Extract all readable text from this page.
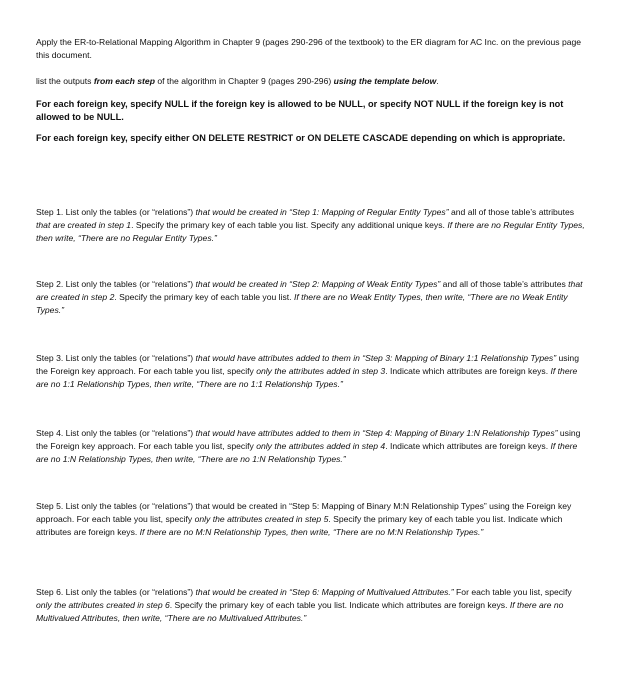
Apply the ER-to-Relational Mapping Algorithm in Chapter 9 (pages 290-296 of the textbook) to the ER diagram for AC Inc. on the previous page this document.

list the outputs from each step of the algorithm in Chapter 9 (pages 290-296) using the template below.

For each foreign key, specify NULL if the foreign key is allowed to be NULL, or specify NOT NULL if the foreign key is not allowed to be NULL.

For each foreign key, specify either ON DELETE RESTRICT or ON DELETE CASCADE depending on which is appropriate.

Step 1. List only the tables (or “relations”) that would be created in “Step 1: Mapping of Regular Entity Types” and all of those table’s attributes that are created in step 1. Specify the primary key of each table you list. Specify any additional unique keys. If there are no Regular Entity Types, then write, “There are no Regular Entity Types.”

Step 2. List only the tables (or “relations”) that would be created in “Step 2: Mapping of Weak Entity Types” and all of those table’s attributes that are created in step 2. Specify the primary key of each table you list. If there are no Weak Entity Types, then write, “There are no Weak Entity Types.”

Step 3. List only the tables (or “relations”) that would have attributes added to them in “Step 3: Mapping of Binary 1:1 Relationship Types” using the Foreign key approach. For each table you list, specify only the attributes added in step 3. Indicate which attributes are foreign keys. If there are no 1:1 Relationship Types, then write, “There are no 1:1 Relationship Types.”

Step 4. List only the tables (or “relations”) that would have attributes added to them in “Step 4: Mapping of Binary 1:N Relationship Types” using the Foreign key approach. For each table you list, specify only the attributes added in step 4. Indicate which attributes are foreign keys. If there are no 1:N Relationship Types, then write, “There are no 1:N Relationship Types.”

Step 5. List only the tables (or “relations”) that would be created in “Step 5: Mapping of Binary M:N Relationship Types” using the Foreign key approach. For each table you list, specify only the attributes created in step 5. Specify the primary key of each table you list. Indicate which attributes are foreign keys. If there are no M:N Relationship Types, then write, “There are no M:N Relationship Types.”

Step 6. List only the tables (or “relations”) that would be created in “Step 6: Mapping of Multivalued Attributes.” For each table you list, specify only the attributes created in step 6. Specify the primary key of each table you list. Indicate which attributes are foreign keys. If there are no Multivalued Attributes, then write, “There are no Multivalued Attributes.”
